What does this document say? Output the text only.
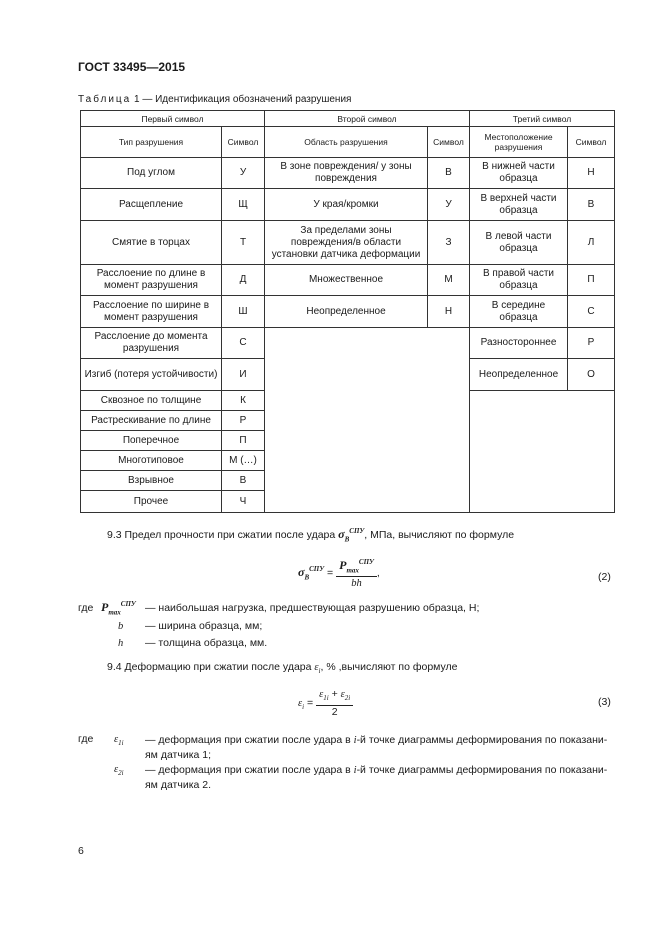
ГОСТ 33495—2015
Таблица 1 — Идентификация обозначений разрушения
Первый символ		Второй символ		Третий символ	
Тип разрушения	Символ	Область разрушения	Символ	Местоположение разрушения	Символ
Под углом	У	В зоне повреждения/ у зоны повреждения	В	В нижней части образца	Н
Расщепление	Щ	У края/кромки	У	В верхней части образца	В
Смятие в торцах	Т	За пределами зоны повреждения/в области установки датчика деформации	З	В левой части образца	Л
Расслоение по длине в момент разрушения	Д	Множественное	М	В правой части образца	П
Расслоение по ширине в момент разрушения	Ш	Неопределенное	Н	В середине образца	С
Расслоение до момента разрушения	С			Разностороннее	Р
Изгиб (потеря устойчивости)	И			Неопределенное	О
Сквозное по толщине	К				
Растрескивание по длине	Р				
Поперечное	П				
Многотиповое	М (…)				
Взрывное	В				
Прочее	Ч				
9.3 Предел прочности при сжатии после удара $\sigma_В^{СПУ}$, МПа, вычисляют по формуле
$\sigma_В^{СПУ} = \frac{P_{max}^{СПУ}}{bh}$ ,	(2)
где $P_{max}^{СПУ}$ — наибольшая нагрузка, предшествующая разрушению образца, Н;
b — ширина образца, мм;
h — толщина образца, мм.
9.4 Деформацию при сжатии после удара $\varepsilon_i$, % ,вычисляют по формуле
$\varepsilon_i = \frac{\varepsilon_{1i} + \varepsilon_{2i}}{2}$	(3)
где $\varepsilon_{1i}$ — деформация при сжатии после удара в i-й точке диаграммы деформирования по показани-
ям датчика 1;
$\varepsilon_{2i}$ — деформация при сжатии после удара в i-й точке диаграммы деформирования по показани-
ям датчика 2.
6
